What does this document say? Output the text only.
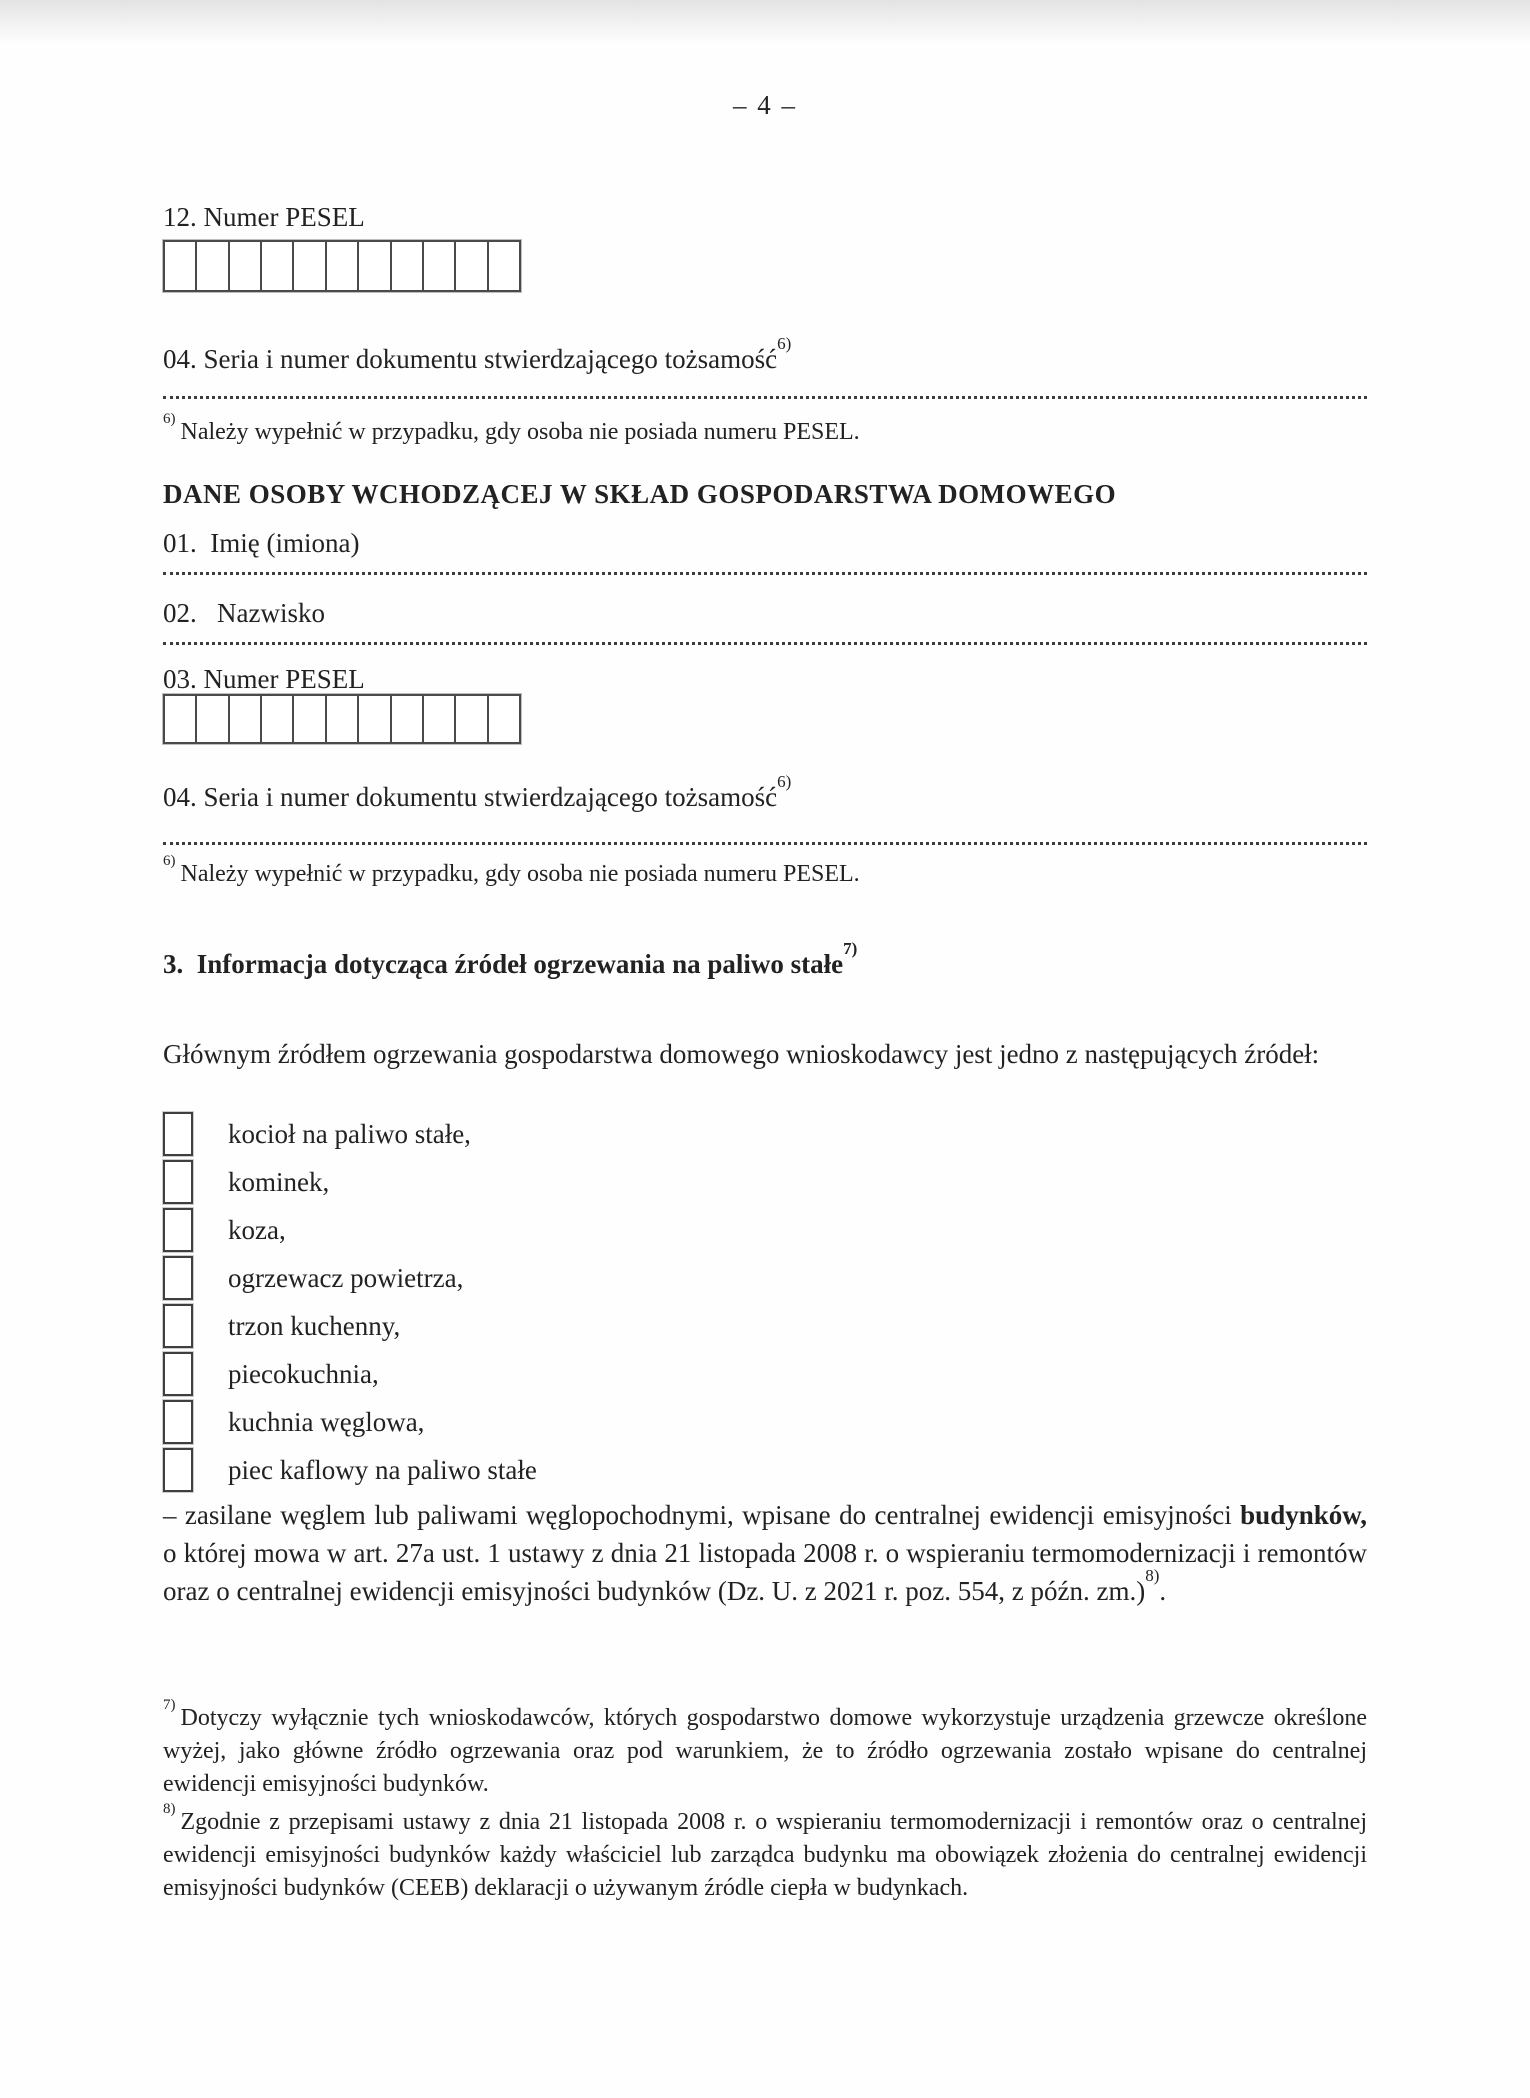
– 4 –
12. Numer PESEL
04. Seria i numer dokumentu stwierdzającego tożsamość$^{6)}$
$^{6)}$ Należy wypełnić w przypadku, gdy osoba nie posiada numeru PESEL.
DANE OSOBY WCHODZĄCEJ W SKŁAD GOSPODARSTWA DOMOWEGO
01.  Imię (imiona)
02.   Nazwisko
03. Numer PESEL
04. Seria i numer dokumentu stwierdzającego tożsamość$^{6)}$
$^{6)}$ Należy wypełnić w przypadku, gdy osoba nie posiada numeru PESEL.
3.  Informacja dotycząca źródeł ogrzewania na paliwo stałe$^{7)}$
Głównym źródłem ogrzewania gospodarstwa domowego wnioskodawcy jest jedno z następujących źródeł:
kocioł na paliwo stałe,
kominek,
koza,
ogrzewacz powietrza,
trzon kuchenny,
piecokuchnia,
kuchnia węglowa,
piec kaflowy na paliwo stałe
– zasilane węglem lub paliwami węglopochodnymi, wpisane do centralnej ewidencji emisyjności budynków, o której mowa w art. 27a ust. 1 ustawy z dnia 21 listopada 2008 r. o wspieraniu termomodernizacji i remontów oraz o centralnej ewidencji emisyjności budynków (Dz. U. z 2021 r. poz. 554, z późn. zm.)$^{8)}$.
$^{7)}$ Dotyczy wyłącznie tych wnioskodawców, których gospodarstwo domowe wykorzystuje urządzenia grzewcze określone wyżej, jako główne źródło ogrzewania oraz pod warunkiem, że to źródło ogrzewania zostało wpisane do centralnej ewidencji emisyjności budynków.
$^{8)}$ Zgodnie z przepisami ustawy z dnia 21 listopada 2008 r. o wspieraniu termomodernizacji i remontów oraz o centralnej ewidencji emisyjności budynków każdy właściciel lub zarządca budynku ma obowiązek złożenia do centralnej ewidencji emisyjności budynków (CEEB) deklaracji o używanym źródle ciepła w budynkach.
